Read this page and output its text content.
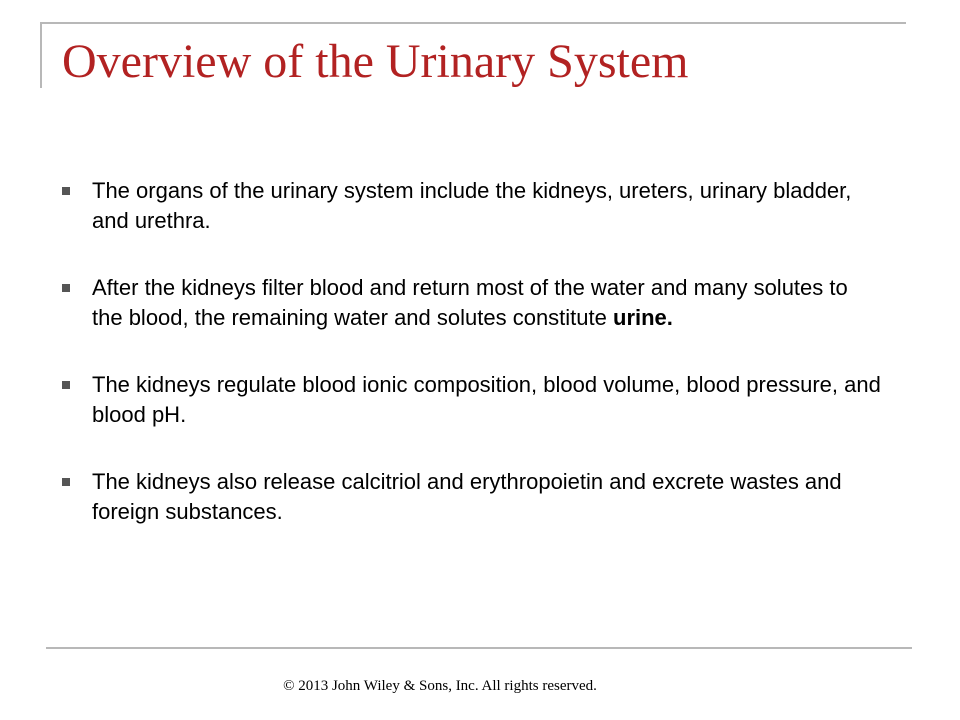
Overview of the Urinary System
The organs of the urinary system include the kidneys, ureters, urinary bladder, and urethra.
After the kidneys filter blood and return most of the water and many solutes to the blood, the remaining water and solutes constitute urine.
The kidneys regulate blood ionic composition, blood volume, blood pressure, and blood pH.
The kidneys also release calcitriol and erythropoietin and excrete wastes and foreign substances.
© 2013 John Wiley & Sons, Inc. All rights reserved.
